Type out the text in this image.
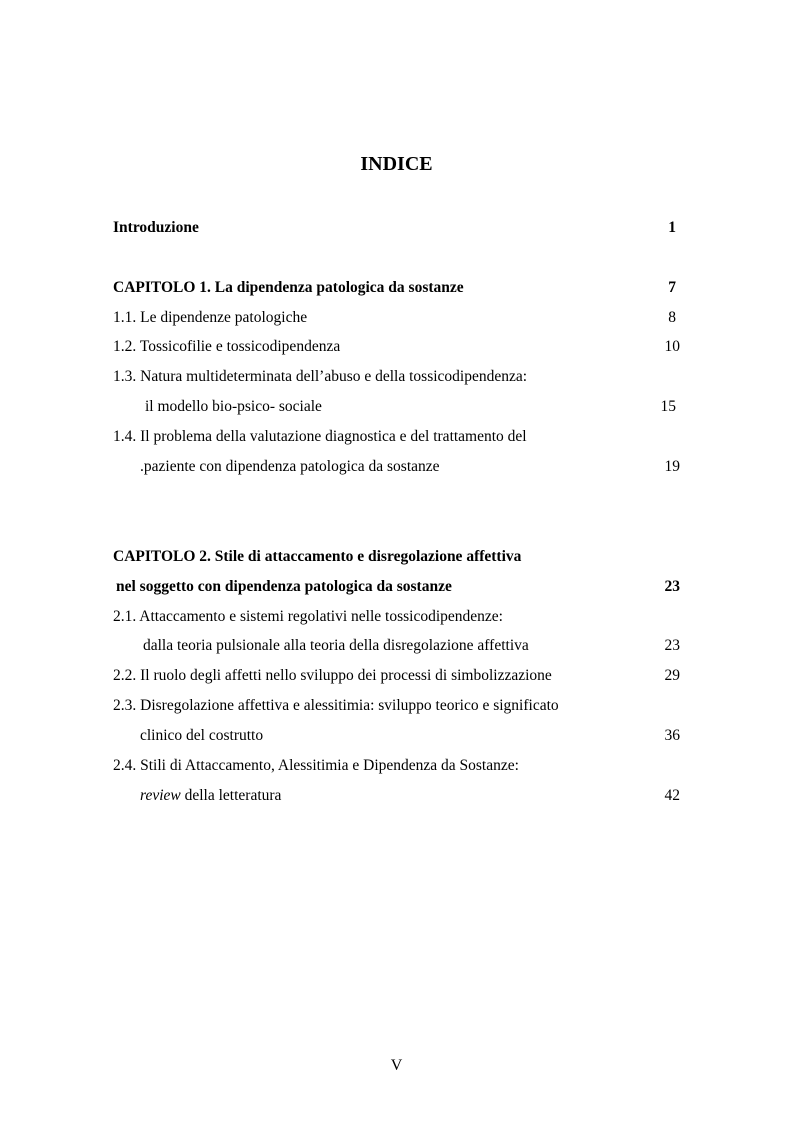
INDICE
Introduzione	1
CAPITOLO 1. La dipendenza patologica da sostanze	7
1.1. Le dipendenze patologiche	8
1.2. Tossicofilie e tossicodipendenza	10
1.3. Natura multideterminata dell’abuso e della tossicodipendenza:
il modello bio-psico- sociale	15
1.4. Il problema della valutazione diagnostica e del trattamento del
.paziente con dipendenza patologica da sostanze	19
CAPITOLO 2. Stile di attaccamento e disregolazione affettiva
nel soggetto con dipendenza patologica da sostanze	23
2.1. Attaccamento e sistemi regolativi nelle tossicodipendenze:
dalla teoria pulsionale alla teoria della disregolazione affettiva	23
2.2. Il ruolo degli affetti nello sviluppo dei processi di simbolizzazione	29
2.3. Disregolazione affettiva e alessitimia: sviluppo teorico e significato
clinico del costrutto	36
2.4. Stili di Attaccamento, Alessitimia e Dipendenza da Sostanze:
review della letteratura	42
V
